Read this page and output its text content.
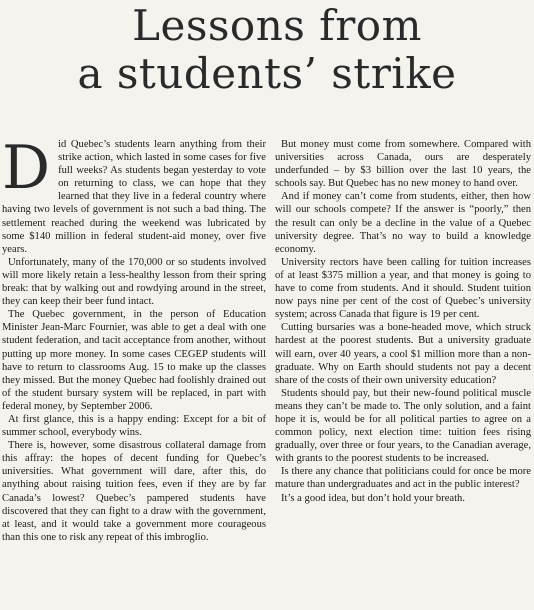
Lessons from
a students’ strike
D id Quebec’s students learn anything from their strike action, which lasted in some cases for five full weeks? As students began yesterday to vote on returning to class, we can hope that they learned that they live in a federal country where having two levels of government is not such a bad thing. The settlement reached during the weekend was lubricated by some $140 million in federal student-aid money, over five years.

Unfortunately, many of the 170,000 or so students involved will more likely retain a less-healthy lesson from their spring break: that by walking out and rowdying around in the street, they can keep their beer fund intact.

The Quebec government, in the person of Education Minister Jean-Marc Fournier, was able to get a deal with one student federation, and tacit acceptance from another, without putting up more money. In some cases CEGEP students will have to return to classrooms Aug. 15 to make up the classes they missed. But the money Quebec had foolishly drained out of the student bursary system will be replaced, in part with federal money, by September 2006.

At first glance, this is a happy ending: Except for a bit of summer school, everybody wins.

There is, however, some disastrous collateral damage from this affray: the hopes of decent funding for Quebec’s universities. What government will dare, after this, do anything about raising tuition fees, even if they are by far Canada’s lowest? Quebec’s pampered students have discovered that they can fight to a draw with the government, at least, and it would take a government more courageous than this one to risk any repeat of this imbroglio.

But money must come from somewhere. Compared with universities across Canada, ours are desperately underfunded – by $3 billion over the last 10 years, the schools say. But Quebec has no new money to hand over.

And if money can’t come from students, either, then how will our schools compete? If the answer is “poorly,” then the result can only be a decline in the value of a Quebec university degree. That’s no way to build a knowledge economy.

University rectors have been calling for tuition increases of at least $375 million a year, and that money is going to have to come from students. And it should. Student tuition now pays nine per cent of the cost of Quebec’s university system; across Canada that figure is 19 per cent.

Cutting bursaries was a bone-headed move, which struck hardest at the poorest students. But a university graduate will earn, over 40 years, a cool $1 million more than a non-graduate. Why on Earth should students not pay a decent share of the costs of their own university education?

Students should pay, but their new-found political muscle means they can’t be made to. The only solution, and a faint hope it is, would be for all political parties to agree on a common policy, next election time: tuition fees rising gradually, over three or four years, to the Canadian average, with grants to the poorest students to be increased.

Is there any chance that politicians could for once be more mature than undergraduates and act in the public interest?

It’s a good idea, but don’t hold your breath.
